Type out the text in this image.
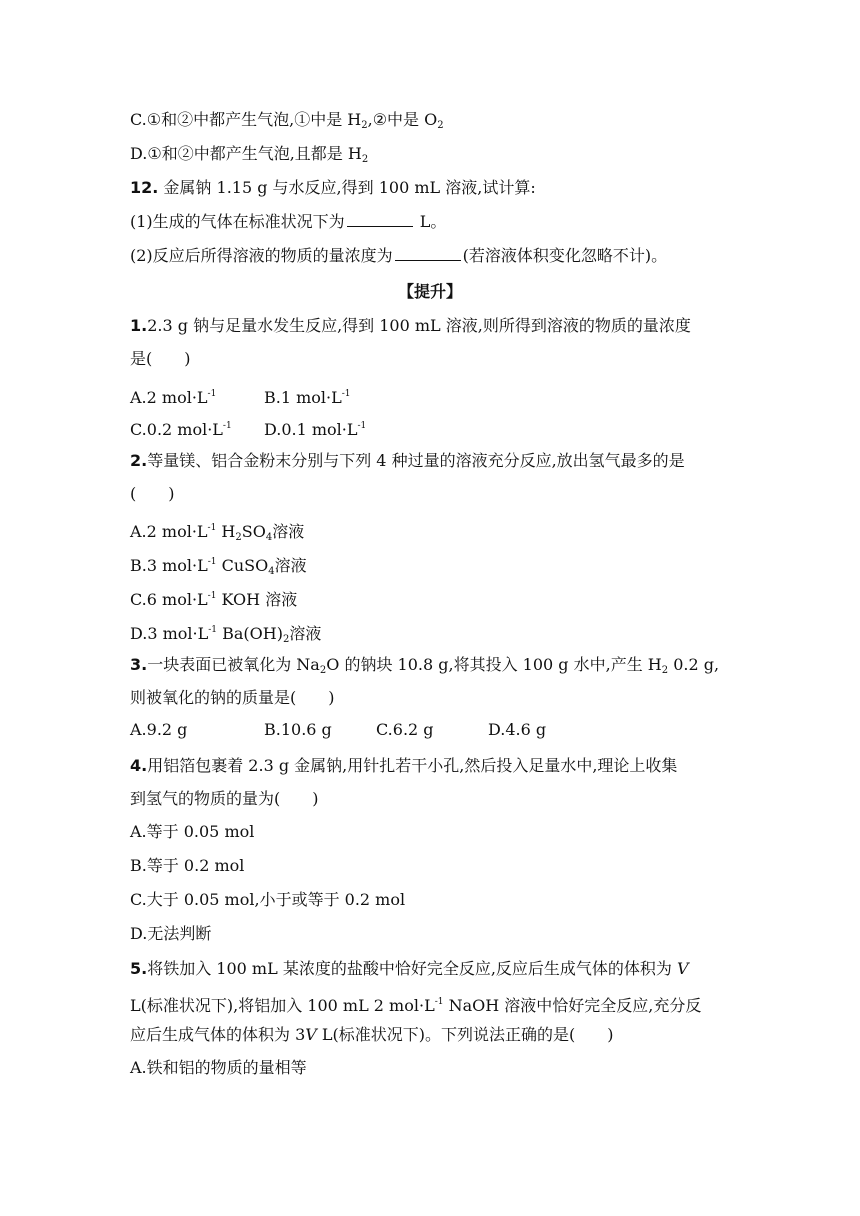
C.①和②中都产生气泡,①中是 $H_2,②$中是 $O_2$
D.①和②中都产生气泡,且都是 $H_2$
12. 金属钠 1.15 g 与水反应,得到 100 mL 溶液,试计算:
(1)生成的气体在标准状况下为	L。
(2)反应后所得溶液的物质的量浓度为	(若溶液体积变化忽略不计)。
【提升】
1.2.3 g 钠与足量水发生反应,得到 100 mL 溶液,则所得到溶液的物质的量浓度
是(　　)
A.2 $mol\cdot L^{-1}$	B.1 $mol\cdot L^{-1}$
C.0.2 $mol\cdot L^{-1}$ D.0.1 $mol\cdot L^{-1}$
2.等量镁、铝合金粉末分别与下列 4 种过量的溶液充分反应,放出氢气最多的是
(　　)
A.2 $mol\cdot L^{-1}$ $H_2SO_4$溶液
B.3 $mol\cdot L^{-1}$ CuSO$_4$溶液
C.6 $mol\cdot L^{-1}$ KOH 溶液
D.3 $mol\cdot L^{-1}$ $Ba(OH)_2$溶液
3.一块表面已被氧化为 $Na_2O$ 的钠块 10.8 g,将其投入 100 g 水中,产生 $H_2$ 0.2 g,
则被氧化的钠的质量是(　　)
A.9.2 g	B.10.6 g	C.6.2 g	D.4.6 g
4.用铝箔包裹着 2.3 g 金属钠,用针扎若干小孔,然后投入足量水中,理论上收集
到氢气的物质的量为(　　)
A.等于 0.05 mol
B.等于 0.2 mol
C.大于 0.05 mol,小于或等于 0.2 mol
D.无法判断
5.将铁加入 100 mL 某浓度的盐酸中恰好完全反应,反应后生成气体的体积为 V
L(标准状况下),将铝加入 100 mL 2 $mol\cdot L^{-1}$ NaOH 溶液中恰好完全反应,充分反
应后生成气体的体积为 3V L(标准状况下)。下列说法正确的是(　　)
A.铁和铝的物质的量相等
